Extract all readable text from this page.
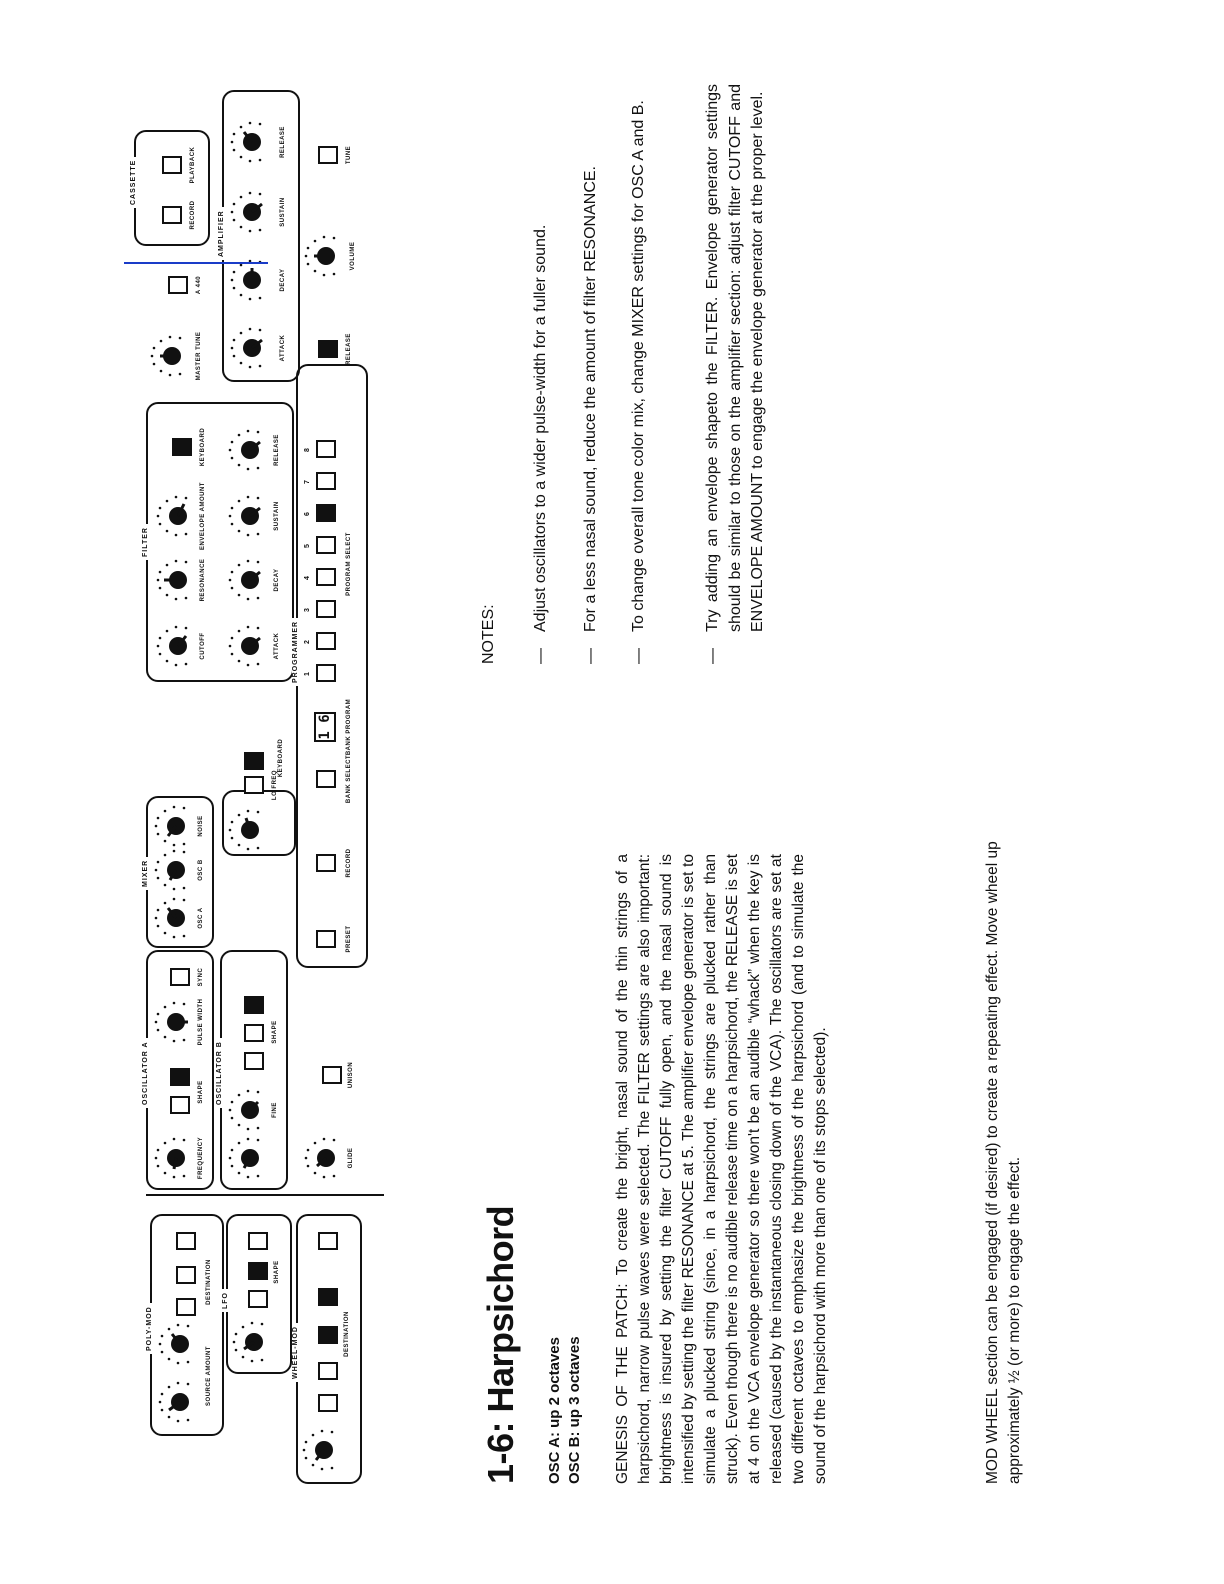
POLY-MOD
SOURCE AMOUNT
DESTINATION LFO
SHAPE
WHEEL-MOD	DESTINATION
OSCILLATOR A
FREQUENCY
SHAPE
PULSE WIDTH
SYNC
OSCILLATOR B
FINE
SHAPE
GLIDE
UNISON
MIXER
OSC A
OSC B
NOISE
LO FREQ
KEYBOARD
FILTER
CUTOFF
RESONANCE
ENVELOPE AMOUNT
KEYBOARD
ATTACK
DECAY
SUSTAIN
RELEASE
PROGRAMMER
PRESET
RECORD
BANK SELECT
1 6	BANK PROGRAM
1
2
3
4
5
6
7
8
PROGRAM SELECT
MASTER TUNE
A 440
CASSETTE
RECORD
PLAYBACK
AMPLIFIER
ATTACK
DECAY
SUSTAIN
RELEASE
RELEASE
VOLUME
TUNE
1-6: Harpsichord OSC A: up 2 octaves OSC B: up 3 octaves GENESIS OF THE PATCH: To create the bright, nasal sound of the thin strings of a harpsichord, narrow pulse waves were selected. The FILTER settings are also important: brightness is insured by setting the filter CUTOFF fully open, and the nasal sound is intensified by setting the filter RESONANCE at 5. The amplifier envelope generator is set to simulate a plucked string (since, in a harpsichord, the strings are plucked rather than struck). Even though there is no audible release time on a harpsichord, the RELEASE is set at 4 on the VCA envelope generator so there won't be an audible “whack” when the key is released (caused by the instantaneous closing down of the VCA). The oscillators are set at two different octaves to emphasize the brightness of the harpsichord (and to simulate the sound of the harpsichord with more than one of its stops selected).	MOD WHEEL section can be engaged (if desired) to create a repeating effect. Move wheel up approximately ½ (or more) to engage the effect.
NOTES: —
Adjust oscillators to a wider pulse-width for a fuller sound.
—
For a less nasal sound, reduce the amount of filter RESONANCE.
—
To change overall tone color mix, change MIXER settings for OSC A and B.
—
Try adding an envelope shapeto the FILTER. Envelope generator settings should be similar to those on the amplifier section: adjust filter CUTOFF and ENVELOPE AMOUNT to engage the envelope generator at the proper level.
